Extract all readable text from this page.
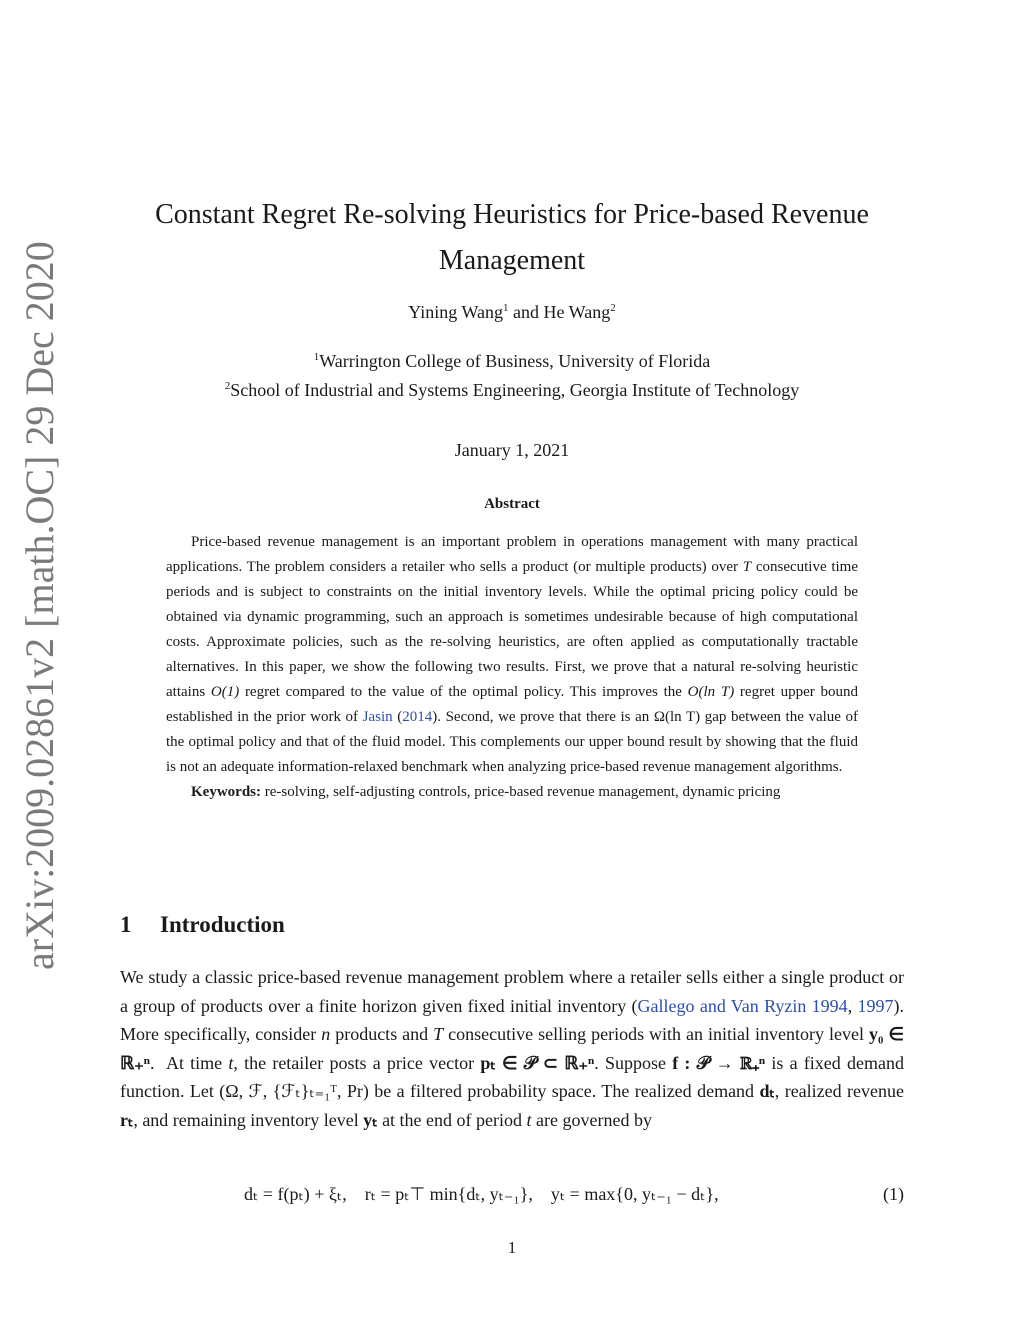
arXiv:2009.02861v2 [math.OC] 29 Dec 2020
Constant Regret Re-solving Heuristics for Price-based Revenue
Management
Yining Wang$^1$ and He Wang$^2$
$^1$Warrington College of Business, University of Florida
$^2$School of Industrial and Systems Engineering, Georgia Institute of Technology
January 1, 2021
Abstract

Price-based revenue management is an important problem in operations management with many practical applications. The problem considers a retailer who sells a product (or multiple products) over T consecutive time periods and is subject to constraints on the initial inventory levels. While the optimal pricing policy could be obtained via dynamic programming, such an approach is sometimes undesirable because of high computational costs. Approximate policies, such as the re-solving heuristics, are often applied as computationally tractable alternatives. In this paper, we show the following two results. First, we prove that a natural re-solving heuristic attains O(1) regret compared to the value of the optimal policy. This improves the O(ln T) regret upper bound established in the prior work of Jasin (2014). Second, we prove that there is an Ω(ln T) gap between the value of the optimal policy and that of the fluid model. This complements our upper bound result by showing that the fluid is not an adequate information-relaxed benchmark when analyzing price-based revenue management algorithms.

Keywords: re-solving, self-adjusting controls, price-based revenue management, dynamic pricing

1 Introduction

We study a classic price-based revenue management problem where a retailer sells either a single product or a group of products over a finite horizon given fixed initial inventory (Gallego and Van Ryzin 1994, 1997). More specifically, consider n products and T consecutive selling periods with an initial inventory level y₀ ∈ ℝ₊ⁿ.  At time t, the retailer posts a price vector pₜ ∈ 𝒫 ⊂ ℝ₊ⁿ. Suppose f : 𝒫 → ℝ₊ⁿ is a fixed demand function. Let (Ω, ℱ, {ℱₜ}ₜ₌₁ᵀ, Pr) be a filtered probability space. The realized demand dₜ, realized revenue rₜ, and remaining inventory level yₜ at the end of period t are governed by

dₜ = f(pₜ) + ξₜ,    rₜ = pₜ⊤ min{dₜ, yₜ₋₁},    yₜ = max{0, yₜ₋₁ − dₜ},	(1)
1
